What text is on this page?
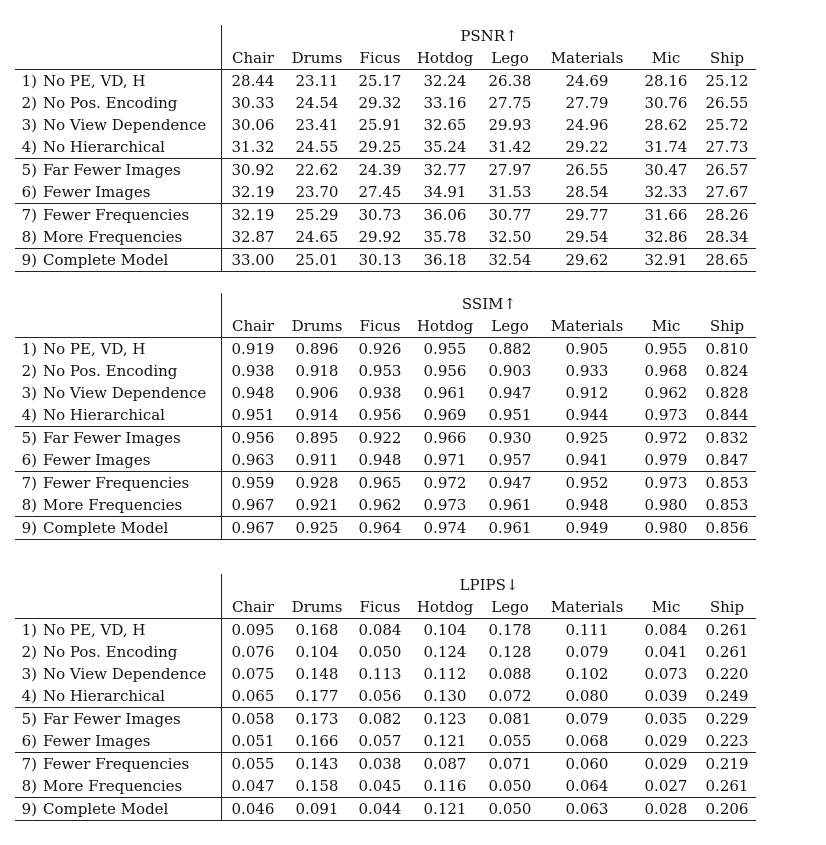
		PSNR↑							
		Chair	Drums	Ficus	Hotdog	Lego	Materials	Mic	Ship
1)	No PE, VD, H	28.44	23.11	25.17	32.24	26.38	24.69	28.16	25.12
2)	No Pos. Encoding	30.33	24.54	29.32	33.16	27.75	27.79	30.76	26.55
3)	No View Dependence	30.06	23.41	25.91	32.65	29.93	24.96	28.62	25.72
4)	No Hierarchical	31.32	24.55	29.25	35.24	31.42	29.22	31.74	27.73
5)	Far Fewer Images	30.92	22.62	24.39	32.77	27.97	26.55	30.47	26.57
6)	Fewer Images	32.19	23.70	27.45	34.91	31.53	28.54	32.33	27.67
7)	Fewer Frequencies	32.19	25.29	30.73	36.06	30.77	29.77	31.66	28.26
8)	More Frequencies	32.87	24.65	29.92	35.78	32.50	29.54	32.86	28.34
9)	Complete Model	33.00	25.01	30.13	36.18	32.54	29.62	32.91	28.65
		SSIM↑							
		Chair	Drums	Ficus	Hotdog	Lego	Materials	Mic	Ship
1)	No PE, VD, H	0.919	0.896	0.926	0.955	0.882	0.905	0.955	0.810
2)	No Pos. Encoding	0.938	0.918	0.953	0.956	0.903	0.933	0.968	0.824
3)	No View Dependence	0.948	0.906	0.938	0.961	0.947	0.912	0.962	0.828
4)	No Hierarchical	0.951	0.914	0.956	0.969	0.951	0.944	0.973	0.844
5)	Far Fewer Images	0.956	0.895	0.922	0.966	0.930	0.925	0.972	0.832
6)	Fewer Images	0.963	0.911	0.948	0.971	0.957	0.941	0.979	0.847
7)	Fewer Frequencies	0.959	0.928	0.965	0.972	0.947	0.952	0.973	0.853
8)	More Frequencies	0.967	0.921	0.962	0.973	0.961	0.948	0.980	0.853
9)	Complete Model	0.967	0.925	0.964	0.974	0.961	0.949	0.980	0.856
		LPIPS↓							
		Chair	Drums	Ficus	Hotdog	Lego	Materials	Mic	Ship
1)	No PE, VD, H	0.095	0.168	0.084	0.104	0.178	0.111	0.084	0.261
2)	No Pos. Encoding	0.076	0.104	0.050	0.124	0.128	0.079	0.041	0.261
3)	No View Dependence	0.075	0.148	0.113	0.112	0.088	0.102	0.073	0.220
4)	No Hierarchical	0.065	0.177	0.056	0.130	0.072	0.080	0.039	0.249
5)	Far Fewer Images	0.058	0.173	0.082	0.123	0.081	0.079	0.035	0.229
6)	Fewer Images	0.051	0.166	0.057	0.121	0.055	0.068	0.029	0.223
7)	Fewer Frequencies	0.055	0.143	0.038	0.087	0.071	0.060	0.029	0.219
8)	More Frequencies	0.047	0.158	0.045	0.116	0.050	0.064	0.027	0.261
9)	Complete Model	0.046	0.091	0.044	0.121	0.050	0.063	0.028	0.206
